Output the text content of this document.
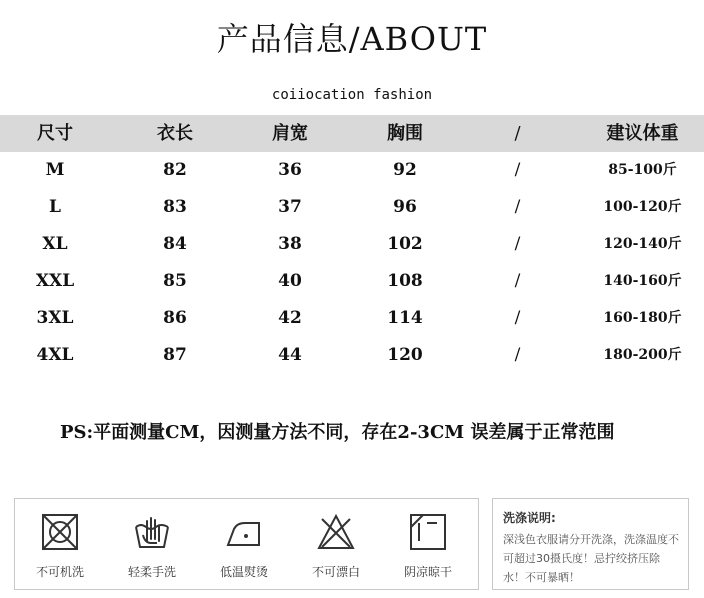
产品信息/ABOUT
coiiocation fashion
尺寸	衣长	肩宽	胸围	/	建议体重
M	82	36	92	/	85-100斤
L	83	37	96	/	100-120斤
XL	84	38	102	/	120-140斤
XXL	85	40	108	/	140-160斤
3XL	86	42	114	/	160-180斤
4XL	87	44	120	/	180-200斤
PS:平面测量CM，因测量方法不同，存在2-3CM 误差属于正常范围
不可机洗	轻柔手洗	低温熨烫	不可漂白	阴凉晾干
洗涤说明:
深浅色衣服请分开洗涤，洗涤温度不可超过30摄氏度！忌拧绞挤压除水！不可暴晒！
